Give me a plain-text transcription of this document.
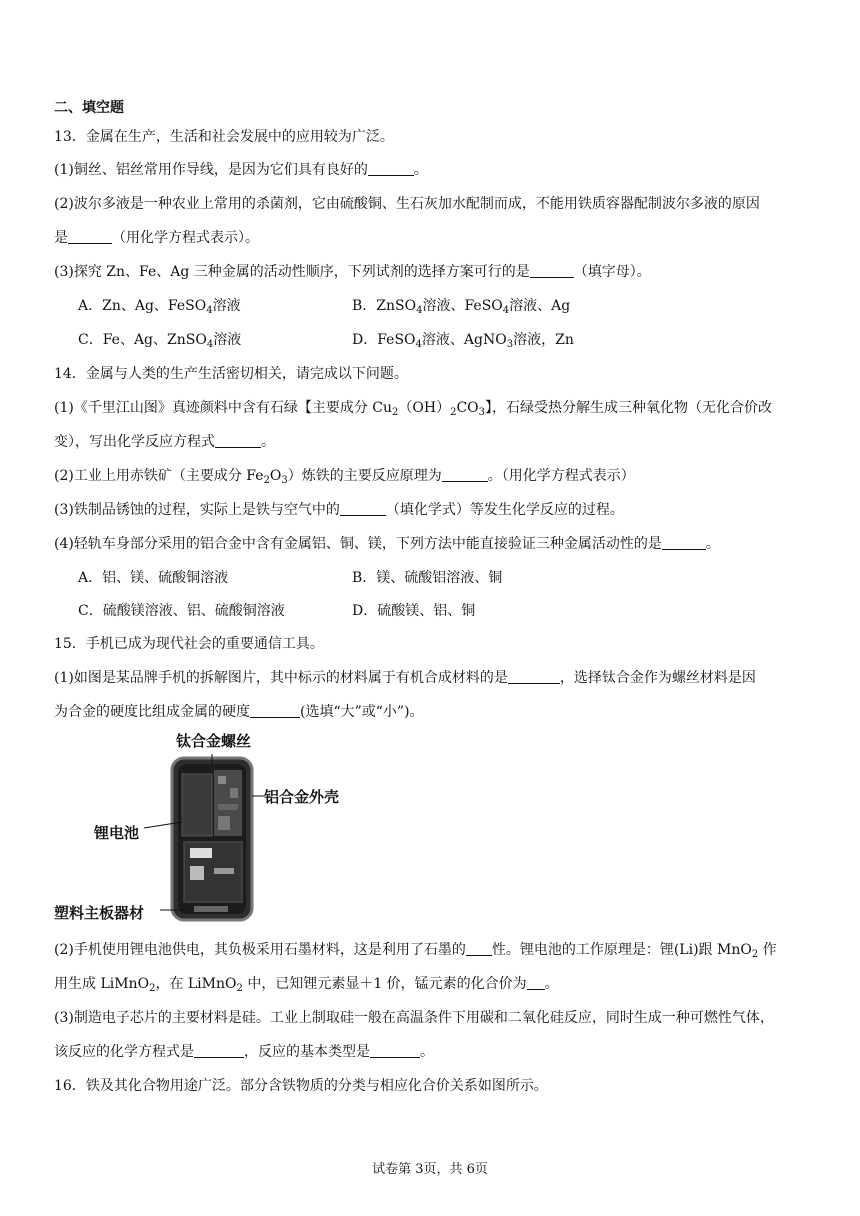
二、填空题
13．金属在生产，生活和社会发展中的应用较为广泛。
(1)铜丝、铝丝常用作导线，是因为它们具有良好的	。
(2)波尔多液是一种农业上常用的杀菌剂，它由硫酸铜、生石灰加水配制而成，不能用铁质容器配制波尔多液的原因
是	（用化学方程式表示）。
(3)探究 Zn、Fe、Ag 三种金属的活动性顺序，下列试剂的选择方案可行的是	（填字母）。
A．Zn、Ag、FeSO$_4$溶液	B．ZnSO$_4$溶液、FeSO$_4$溶液、Ag
C．Fe、Ag、ZnSO$_4$溶液	D．FeSO$_4$溶液、AgNO$_3$溶液，Zn
14．金属与人类的生产生活密切相关，请完成以下问题。
(1)《千里江山图》真迹颜料中含有石绿【主要成分 $Cu_2(OH)_2CO_3$】，石绿受热分解生成三种氧化物（无化合价改
变），写出化学反应方程式	。
(2)工业上用赤铁矿（主要成分 $Fe_2O_3$）炼铁的主要反应原理为	。（用化学方程式表示）
(3)铁制品锈蚀的过程，实际上是铁与空气中的	（填化学式）等发生化学反应的过程。
(4)轻轨车身部分采用的铝合金中含有金属铝、铜、镁，下列方法中能直接验证三种金属活动性的是	。
A．铝、镁、硫酸铜溶液	B．镁、硫酸铝溶液、铜
C．硫酸镁溶液、铝、硫酸铜溶液	D．硫酸镁、铝、铜
15．手机已成为现代社会的重要通信工具。
(1)如图是某品牌手机的拆解图片，其中标示的材料属于有机合成材料的是	，选择钛合金作为螺丝材料是因
为合金的硬度比组成金属的硬度	(选填“大”或“小”)。
钛合金螺丝
铝合金外壳
锂电池
塑料主板器材
(2)手机使用锂电池供电，其负极采用石墨材料，这是利用了石墨的 性。锂电池的工作原理是：锂(Li)跟 MnO$_2$ 作
用生成 LiMnO$_2$，在 LiMnO$_2$ 中，已知锂元素显＋1 价，锰元素的化合价为 。
(3)制造电子芯片的主要材料是硅。工业上制取硅一般在高温条件下用碳和二氧化硅反应，同时生成一种可燃性气体，
该反应的化学方程式是	，反应的基本类型是	。
16．铁及其化合物用途广泛。部分含铁物质的分类与相应化合价关系如图所示。
试卷第 3页，共 6页
